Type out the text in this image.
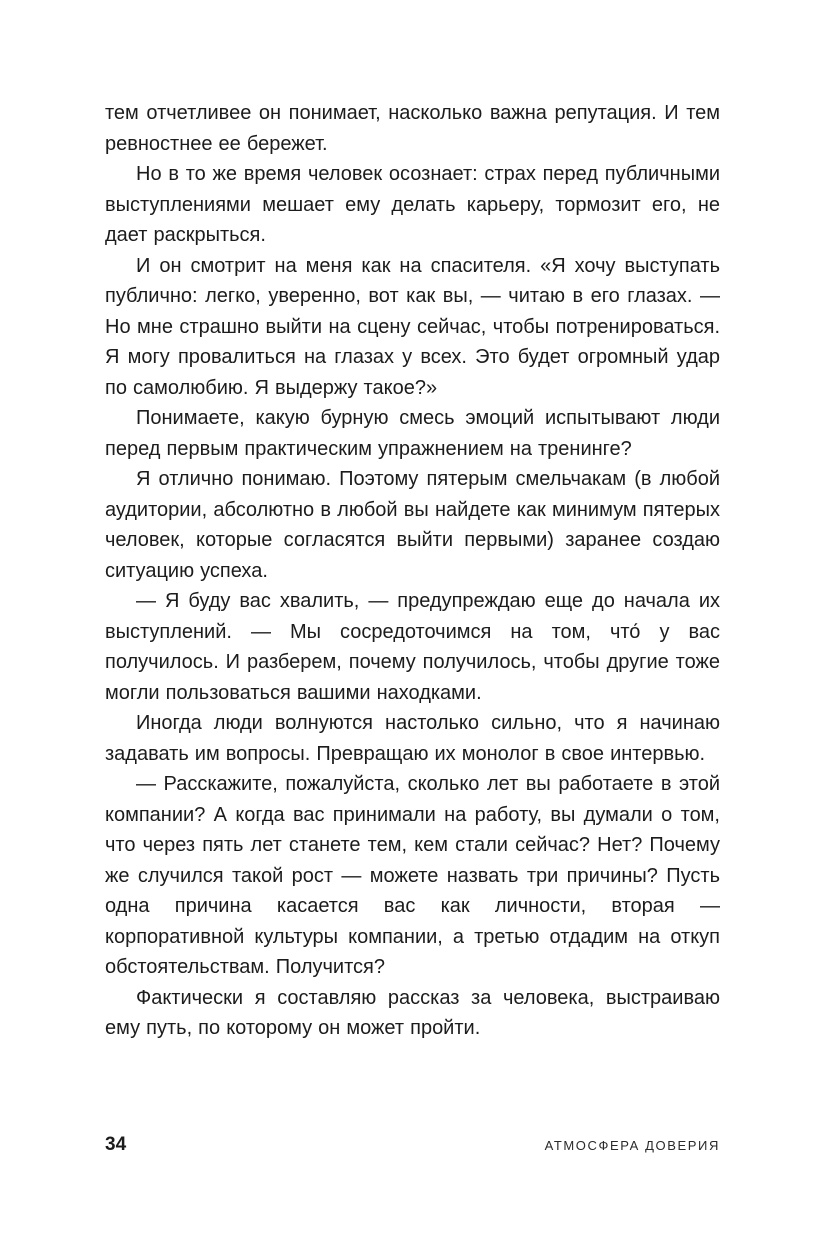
тем отчетливее он понимает, насколько важна репутация. И тем ревностнее ее бережет.

Но в то же время человек осознает: страх перед публичными выступлениями мешает ему делать карьеру, тормозит его, не дает раскрыться.

И он смотрит на меня как на спасителя. «Я хочу выступать публично: легко, уверенно, вот как вы, — читаю в его глазах. — Но мне страшно выйти на сцену сейчас, чтобы потренироваться. Я могу провалиться на глазах у всех. Это будет огромный удар по самолюбию. Я выдержу такое?»

Понимаете, какую бурную смесь эмоций испытывают люди перед первым практическим упражнением на тренинге?

Я отлично понимаю. Поэтому пятерым смельчакам (в любой аудитории, абсолютно в любой вы найдете как минимум пятерых человек, которые согласятся выйти первыми) заранее создаю ситуацию успеха.

— Я буду вас хвалить, — предупреждаю еще до начала их выступлений. — Мы сосредоточимся на том, что́ у вас получилось. И разберем, почему получилось, чтобы другие тоже могли пользоваться вашими находками.

Иногда люди волнуются настолько сильно, что я начинаю задавать им вопросы. Превращаю их монолог в свое интервью.

— Расскажите, пожалуйста, сколько лет вы работаете в этой компании? А когда вас принимали на работу, вы думали о том, что через пять лет станете тем, кем стали сейчас? Нет? Почему же случился такой рост — можете назвать три причины? Пусть одна причина касается вас как личности, вторая — корпоративной культуры компании, а третью отдадим на откуп обстоятельствам. Получится?

Фактически я составляю рассказ за человека, выстраиваю ему путь, по которому он может пройти.

34	АТМОСФЕРА ДОВЕРИЯ
